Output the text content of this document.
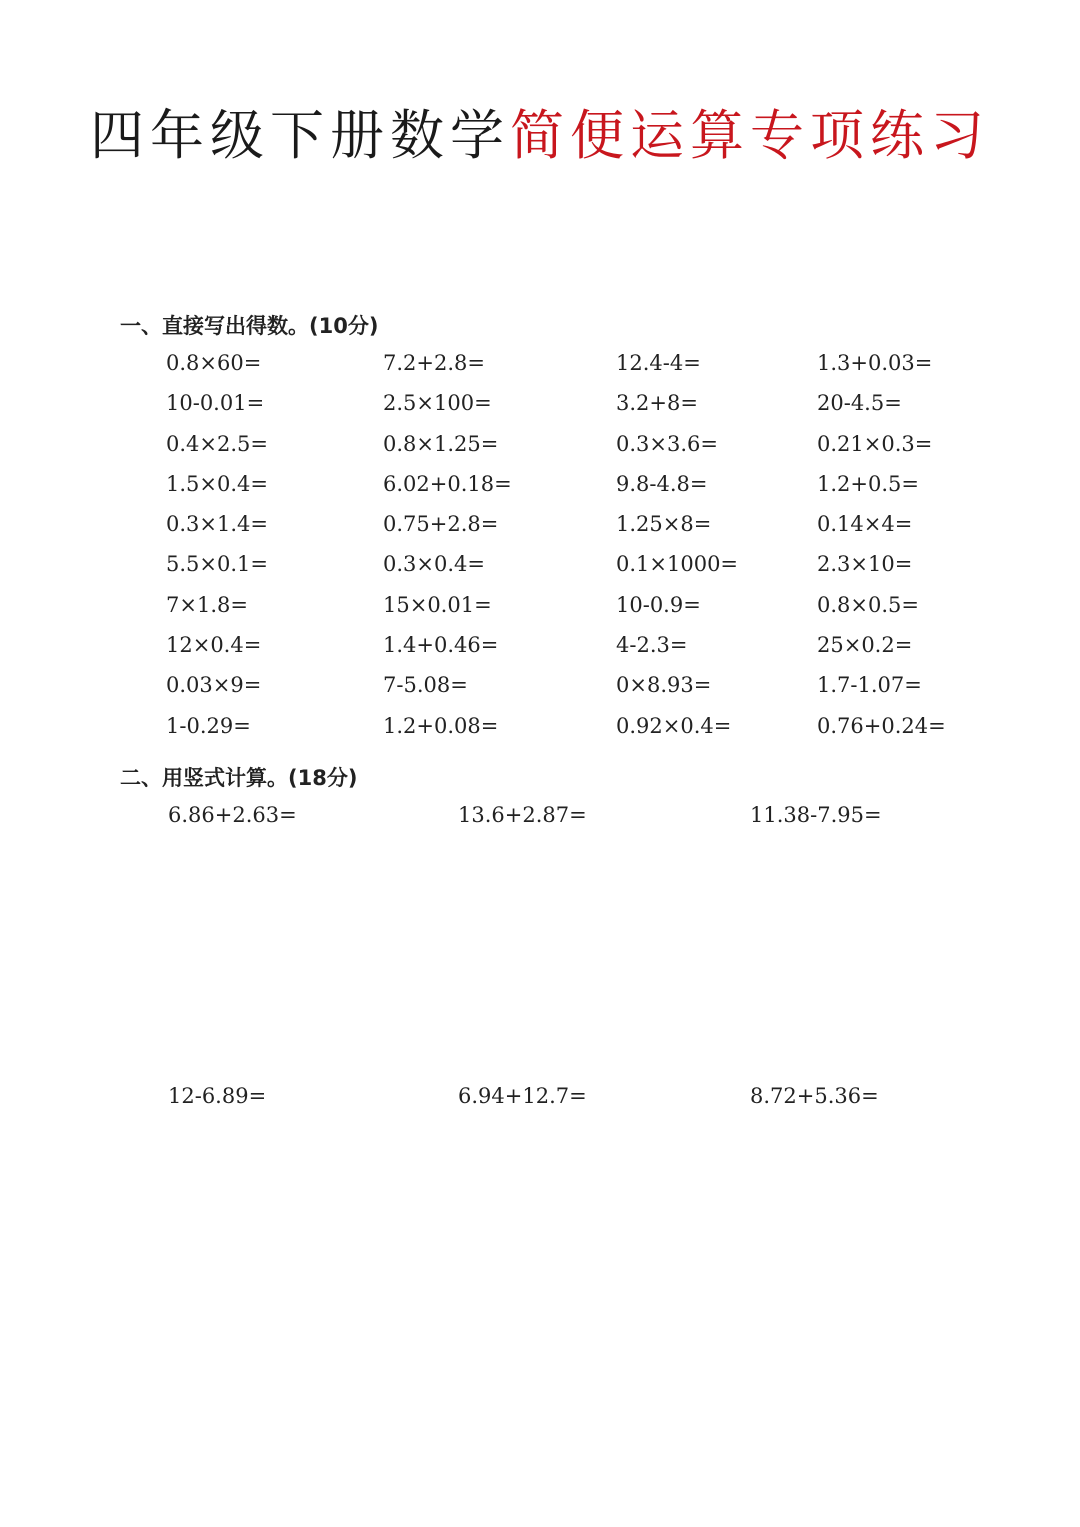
四年级下册数学简便运算专项练习
一、直接写出得数。(10分)
0.8×60=	7.2+2.8=	12.4-4=	1.3+0.03=
10-0.01=	2.5×100=	3.2+8=	20-4.5=
0.4×2.5=	0.8×1.25=	0.3×3.6=	0.21×0.3=
1.5×0.4=	6.02+0.18=	9.8-4.8=	1.2+0.5=
0.3×1.4=	0.75+2.8=	1.25×8=	0.14×4=
5.5×0.1=	0.3×0.4=	0.1×1000=	2.3×10=
7×1.8=	15×0.01=	10-0.9=	0.8×0.5=
12×0.4=	1.4+0.46=	4-2.3=	25×0.2=
0.03×9=	7-5.08=	0×8.93=	1.7-1.07=
1-0.29=	1.2+0.08=	0.92×0.4=	0.76+0.24=
二、用竖式计算。(18分)
6.86+2.63=	13.6+2.87=	11.38-7.95=
12-6.89=	6.94+12.7=	8.72+5.36=
